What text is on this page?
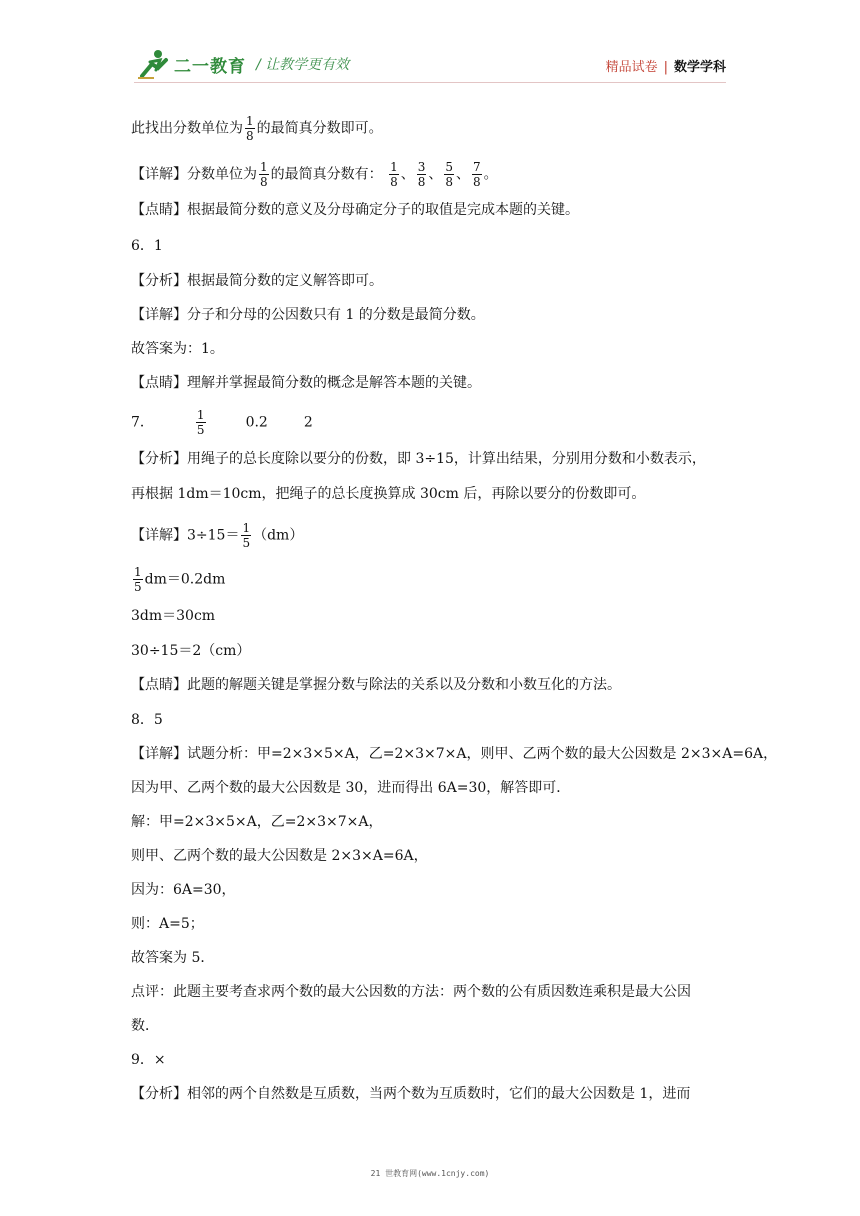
二一教育 / 让教学更有效	精品试卷 | 数学学科
此找出分数单位为 $\frac{1}{8}$ 的最简真分数即可。
【详解】分数单位为 $\frac{1}{8}$ 的最简真分数有： $\frac{1}{8}$ 、 $\frac{3}{8}$ 、 $\frac{5}{8}$ 、 $\frac{7}{8}$ 。
【点睛】根据最简分数的意义及分母确定分子的取值是完成本题的关键。
6．1
【分析】根据最简分数的定义解答即可。
【详解】分子和分母的公因数只有 1 的分数是最简分数。
故答案为：1。
【点睛】理解并掌握最简分数的概念是解答本题的关键。
7．	$\frac{1}{5}$	0.2	2
【分析】用绳子的总长度除以要分的份数，即 3÷15，计算出结果，分别用分数和小数表示，
再根据 1dm＝10cm，把绳子的总长度换算成 30cm 后，再除以要分的份数即可。
【详解】$3\div 15= \frac{1}{5} (dm)$
$\frac{1}{5} dm=0.2dm$
3dm＝30cm
30÷15＝2（cm）
【点睛】此题的解题关键是掌握分数与除法的关系以及分数和小数互化的方法。
8．5
【详解】试题分析：甲=2×3×5×A，乙=2×3×7×A，则甲、乙两个数的最大公因数是 2×3×A=6A，
因为甲、乙两个数的最大公因数是 30，进而得出 6A=30，解答即可．
解：甲=2×3×5×A，乙=2×3×7×A，
则甲、乙两个数的最大公因数是 2×3×A=6A，
因为：6A=30，
则：A=5；
故答案为 5．
点评：此题主要考查求两个数的最大公因数的方法：两个数的公有质因数连乘积是最大公因
数．
9．×
【分析】相邻的两个自然数是互质数，当两个数为互质数时，它们的最大公因数是 1，进而
21 世教育网(www.1cnjy.com)
